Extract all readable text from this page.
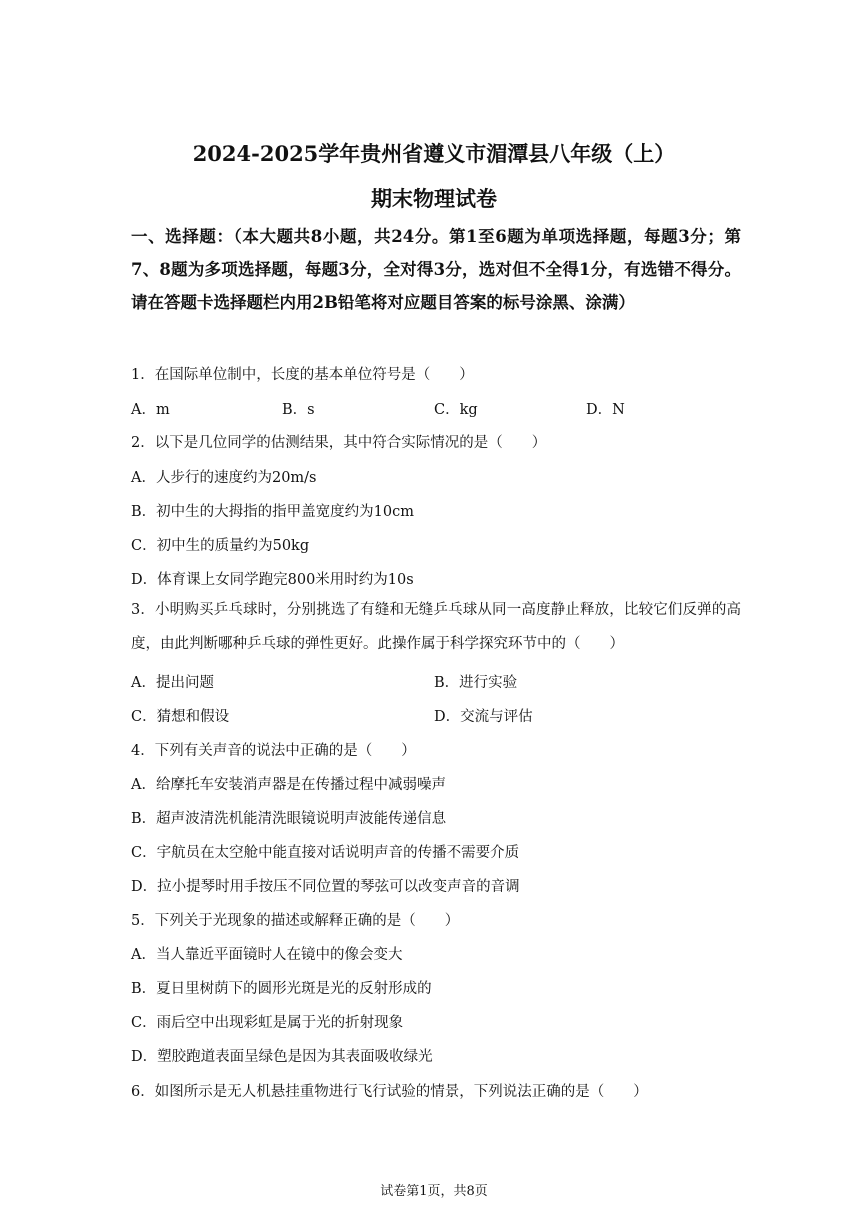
2024-2025学年贵州省遵义市湄潭县八年级（上）
期末物理试卷
一、选择题：（本大题共8小题，共24分。第1至6题为单项选择题，每题3分；第7、8题为多项选择题，每题3分，全对得3分，选对但不全得1分，有选错不得分。请在答题卡选择题栏内用2B铅笔将对应题目答案的标号涂黑、涂满）
1．在国际单位制中，长度的基本单位符号是（　　）
A．m	B．s	C．kg	D．N
2．以下是几位同学的估测结果，其中符合实际情况的是（　　）
A．人步行的速度约为20m/s
B．初中生的大拇指的指甲盖宽度约为10cm
C．初中生的质量约为50kg
D．体育课上女同学跑完800米用时约为10s
3．小明购买乒乓球时，分别挑选了有缝和无缝乒乓球从同一高度静止释放，比较它们反弹的高度，由此判断哪种乒乓球的弹性更好。此操作属于科学探究环节中的（　　）
A．提出问题	B．进行实验
C．猜想和假设	D．交流与评估
4．下列有关声音的说法中正确的是（　　）
A．给摩托车安装消声器是在传播过程中减弱噪声
B．超声波清洗机能清洗眼镜说明声波能传递信息
C．宇航员在太空舱中能直接对话说明声音的传播不需要介质
D．拉小提琴时用手按压不同位置的琴弦可以改变声音的音调
5．下列关于光现象的描述或解释正确的是（　　）
A．当人靠近平面镜时人在镜中的像会变大
B．夏日里树荫下的圆形光斑是光的反射形成的
C．雨后空中出现彩虹是属于光的折射现象
D．塑胶跑道表面呈绿色是因为其表面吸收绿光
6．如图所示是无人机悬挂重物进行飞行试验的情景，下列说法正确的是（　　）
试卷第1页，共8页
